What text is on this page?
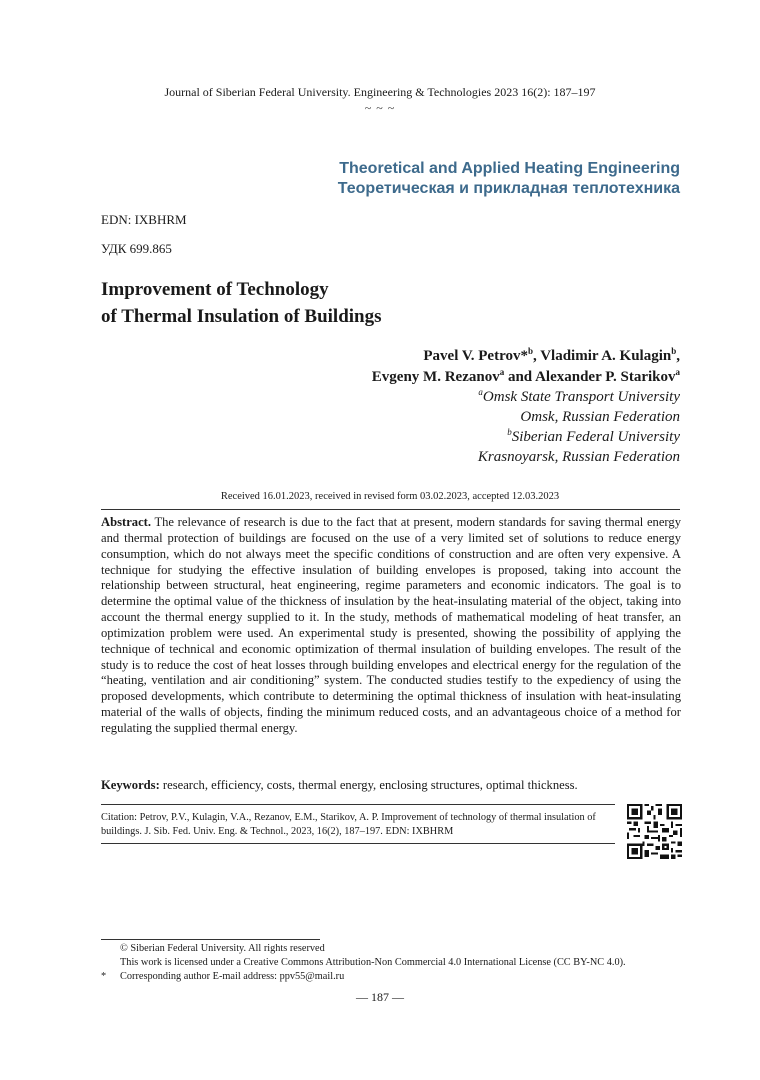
Journal of Siberian Federal University. Engineering & Technologies 2023 16(2): 187–197
~ ~ ~
Theoretical and Applied Heating Engineering
Теоретическая и прикладная теплотехника
EDN: IXBHRM
УДК 699.865
Improvement of Technology
of Thermal Insulation of Buildings
Pavel V. Petrov*$^b$, Vladimir A. Kulagin$^b$,
Evgeny M. Rezanov$^a$ and Alexander P. Starikov$^a$
$^a$Omsk State Transport University
Omsk, Russian Federation
$^b$Siberian Federal University
Krasnoyarsk, Russian Federation
Received 16.01.2023, received in revised form 03.02.2023, accepted 12.03.2023
Abstract. The relevance of research is due to the fact that at present, modern standards for saving thermal energy and thermal protection of buildings are focused on the use of a very limited set of solutions to reduce energy consumption, which do not always meet the specific conditions of construction and are often very expensive. A technique for studying the effective insulation of building envelopes is proposed, taking into account the relationship between structural, heat engineering, regime parameters and economic indicators. The goal is to determine the optimal value of the thickness of insulation by the heat-insulating material of the object, taking into account the thermal energy supplied to it. In the study, methods of mathematical modeling of heat transfer, an optimization problem were used. An experimental study is presented, showing the possibility of applying the technique of technical and economic optimization of thermal insulation of building envelopes. The result of the study is to reduce the cost of heat losses through building envelopes and electrical energy for the regulation of the “heating, ventilation and air conditioning” system. The conducted studies testify to the expediency of using the proposed developments, which contribute to determining the optimal thickness of insulation with heat-insulating material of the walls of objects, finding the minimum reduced costs, and an advantageous choice of a method for regulating the supplied thermal energy.
Keywords: research, efficiency, costs, thermal energy, enclosing structures, optimal thickness.
Citation: Petrov, P.V., Kulagin, V.A., Rezanov, E.M., Starikov, A. P. Improvement of technology of thermal insulation of buildings. J. Sib. Fed. Univ. Eng. & Technol., 2023, 16(2), 187–197. EDN: IXBHRM
© Siberian Federal University. All rights reserved
This work is licensed under a Creative Commons Attribution-Non Commercial 4.0 International License (CC BY-NC 4.0).
* Corresponding author E-mail address: ppv55@mail.ru
— 187 —
